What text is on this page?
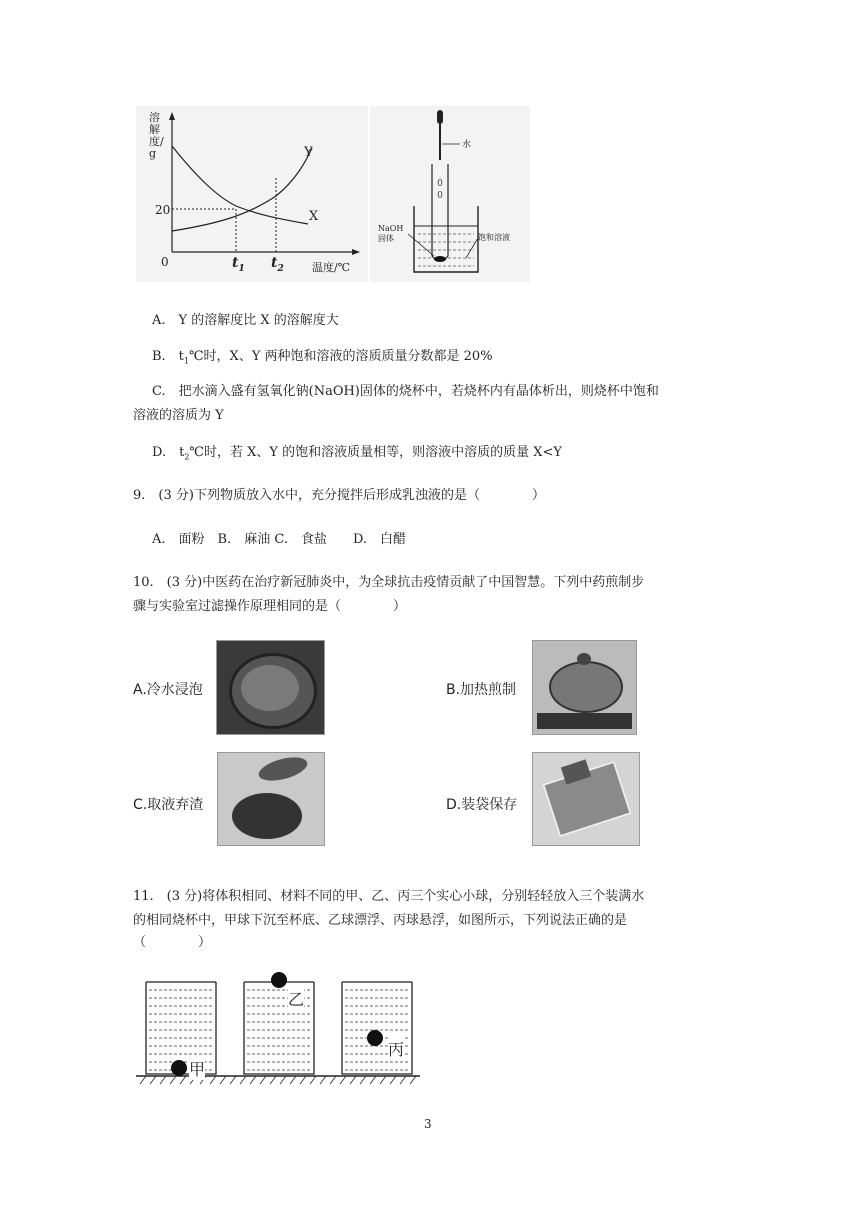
溶解度/g
20
0	$t_1$ $t_2$	温度/℃
Y
X
0
0
水
NaOH
固体	饱和溶液
A.　Y 的溶解度比 X 的溶解度大
B.　$t_1℃$时，X、Y 两种饱和溶液的溶质质量分数都是 20%
C.　把水滴入盛有氢氧化钠(NaOH)固体的烧杯中，若烧杯内有晶体析出，则烧杯中饱和
溶液的溶质为 Y
D.　$t_2℃$时，若 X、Y 的饱和溶液质量相等，则溶液中溶质的质量 X<Y
9.　(3 分)下列物质放入水中，充分搅拌后形成乳浊液的是（　　　　）
A.　面粉　B.　麻油 C.　食盐　　D.　白醋
10.　(3 分)中医药在治疗新冠肺炎中，为全球抗击疫情贡献了中国智慧。下列中药煎制步
骤与实验室过滤操作原理相同的是（　　　　）
A.冷水浸泡	B.加热煎制
C.取液弃渣	D.装袋保存
11.　(3 分)将体积相同、材料不同的甲、乙、丙三个实心小球，分别轻轻放入三个装满水
的相同烧杯中，甲球下沉至杯底、乙球漂浮、丙球悬浮，如图所示，下列说法正确的是
（　　　　）
甲
乙
丙
3
